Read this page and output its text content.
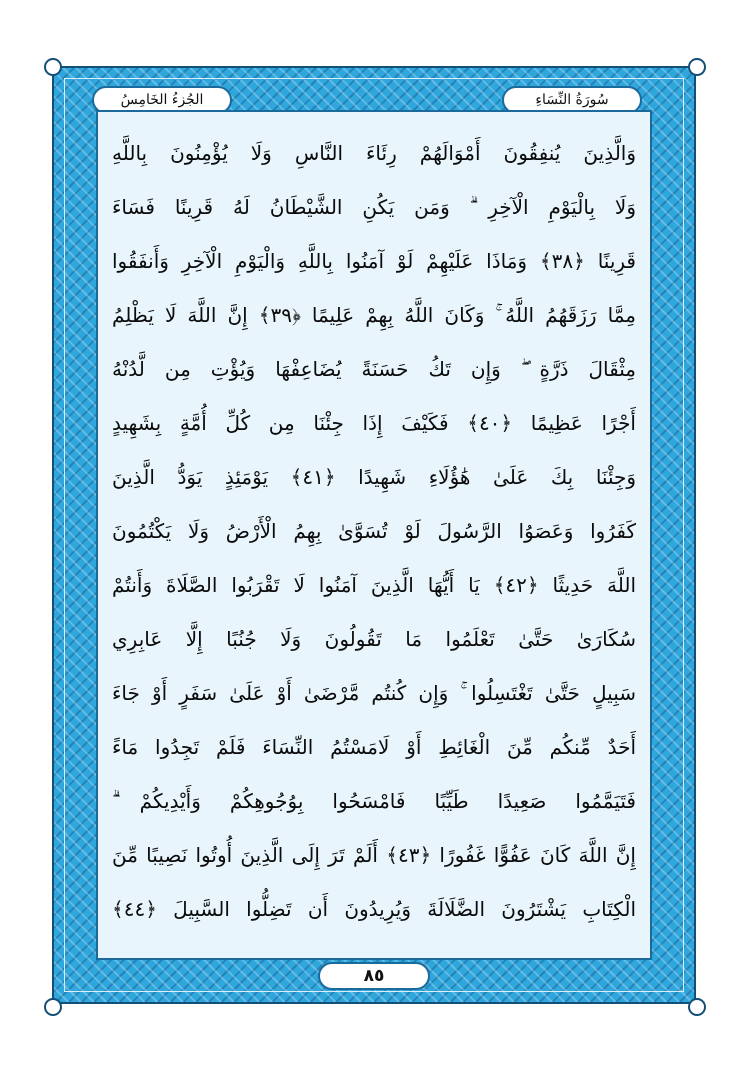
سُورَةُ النِّسَاءِ
الجُزءُ الخَامِسُ
وَالَّذِينَ يُنفِقُونَ أَمْوَالَهُمْ رِئَاءَ النَّاسِ وَلَا يُؤْمِنُونَ بِاللَّهِ
وَلَا بِالْيَوْمِ الْآخِرِ ۗ وَمَن يَكُنِ الشَّيْطَانُ لَهُ قَرِينًا فَسَاءَ
قَرِينًا ﴿٣٨﴾ وَمَاذَا عَلَيْهِمْ لَوْ آمَنُوا بِاللَّهِ وَالْيَوْمِ الْآخِرِ وَأَنفَقُوا
مِمَّا رَزَقَهُمُ اللَّهُ ۚ وَكَانَ اللَّهُ بِهِمْ عَلِيمًا ﴿٣٩﴾ إِنَّ اللَّهَ لَا يَظْلِمُ
مِثْقَالَ ذَرَّةٍ ۖ وَإِن تَكُ حَسَنَةً يُضَاعِفْهَا وَيُؤْتِ مِن لَّدُنْهُ
أَجْرًا عَظِيمًا ﴿٤٠﴾ فَكَيْفَ إِذَا جِئْنَا مِن كُلِّ أُمَّةٍ بِشَهِيدٍ
وَجِئْنَا بِكَ عَلَىٰ هَٰؤُلَاءِ شَهِيدًا ﴿٤١﴾ يَوْمَئِذٍ يَوَدُّ الَّذِينَ
كَفَرُوا وَعَصَوُا الرَّسُولَ لَوْ تُسَوَّىٰ بِهِمُ الْأَرْضُ وَلَا يَكْتُمُونَ
اللَّهَ حَدِيثًا ﴿٤٢﴾ يَا أَيُّهَا الَّذِينَ آمَنُوا لَا تَقْرَبُوا الصَّلَاةَ وَأَنتُمْ
سُكَارَىٰ حَتَّىٰ تَعْلَمُوا مَا تَقُولُونَ وَلَا جُنُبًا إِلَّا عَابِرِي
سَبِيلٍ حَتَّىٰ تَغْتَسِلُوا ۚ وَإِن كُنتُم مَّرْضَىٰ أَوْ عَلَىٰ سَفَرٍ أَوْ جَاءَ
أَحَدٌ مِّنكُم مِّنَ الْغَائِطِ أَوْ لَامَسْتُمُ النِّسَاءَ فَلَمْ تَجِدُوا مَاءً
فَتَيَمَّمُوا صَعِيدًا طَيِّبًا فَامْسَحُوا بِوُجُوهِكُمْ وَأَيْدِيكُمْ ۗ
إِنَّ اللَّهَ كَانَ عَفُوًّا غَفُورًا ﴿٤٣﴾ أَلَمْ تَرَ إِلَى الَّذِينَ أُوتُوا نَصِيبًا مِّنَ
الْكِتَابِ يَشْتَرُونَ الضَّلَالَةَ وَيُرِيدُونَ أَن تَضِلُّوا السَّبِيلَ ﴿٤٤﴾
٨٥
